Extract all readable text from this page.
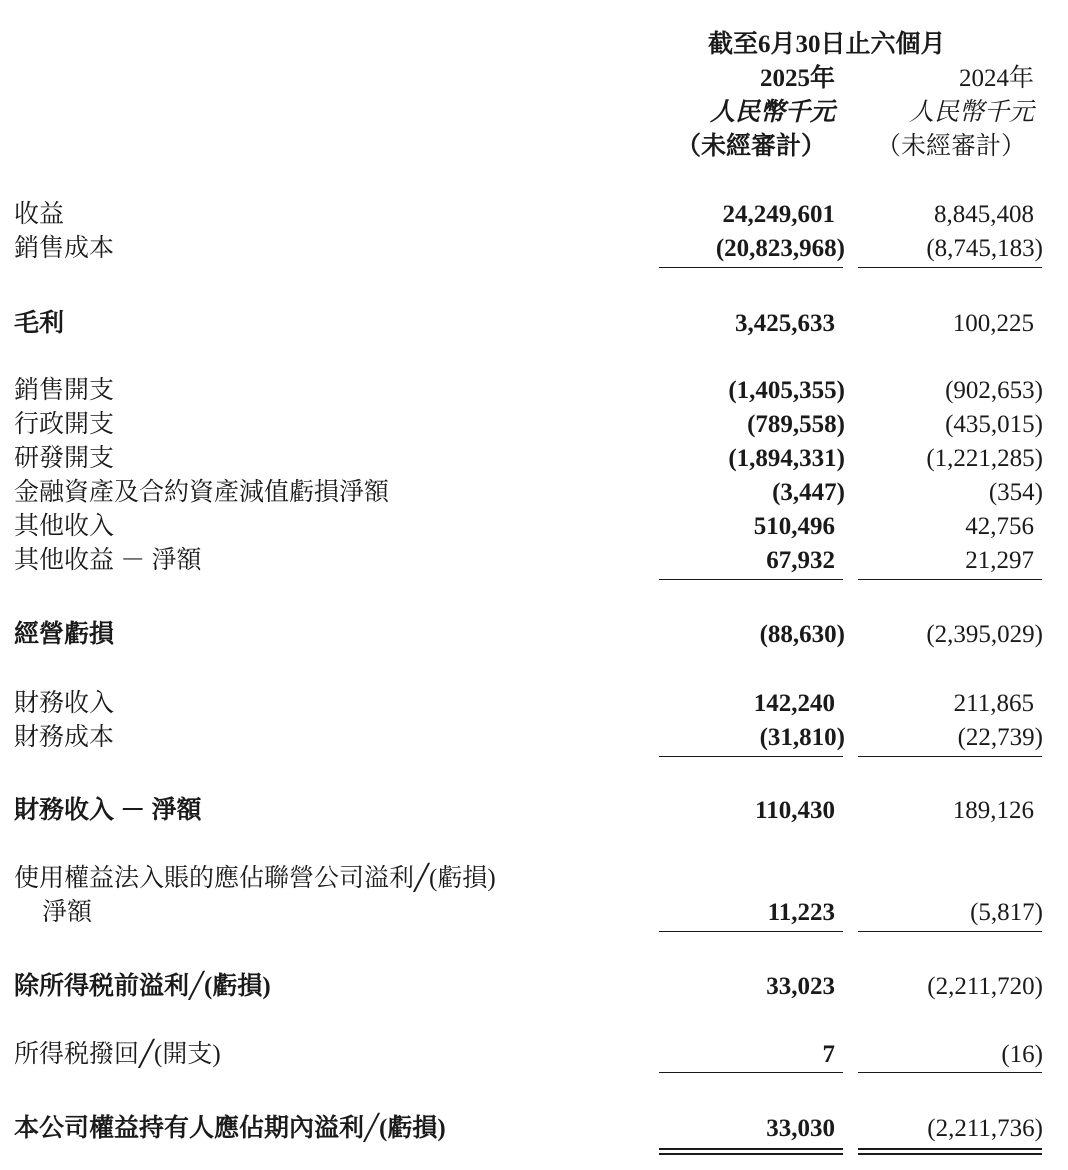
截至6月30日止六個月
2025年	2024年
人民幣千元	人民幣千元
（未經審計） （未經審計）
收益	24,249,601	8,845,408
銷售成本	(20,823,968)	(8,745,183)
毛利	3,425,633	100,225
銷售開支	(1,405,355)	(902,653)
行政開支	(789,558)	(435,015)
研發開支	(1,894,331)	(1,221,285)
金融資產及合約資產減值虧損淨額	(3,447)	(354)
其他收入	510,496	42,756
其他收益 － 淨額	67,932	21,297
經營虧損	(88,630)	(2,395,029)
財務收入	142,240	211,865
財務成本	(31,810)	(22,739)
財務收入 － 淨額	110,430	189,126
使用權益法入賬的應佔聯營公司溢利╱(虧損)
淨額	11,223	(5,817)
除所得税前溢利╱(虧損)	33,023	(2,211,720)
所得税撥回╱(開支)	7	(16)
本公司權益持有人應佔期內溢利╱(虧損)	33,030	(2,211,736)
